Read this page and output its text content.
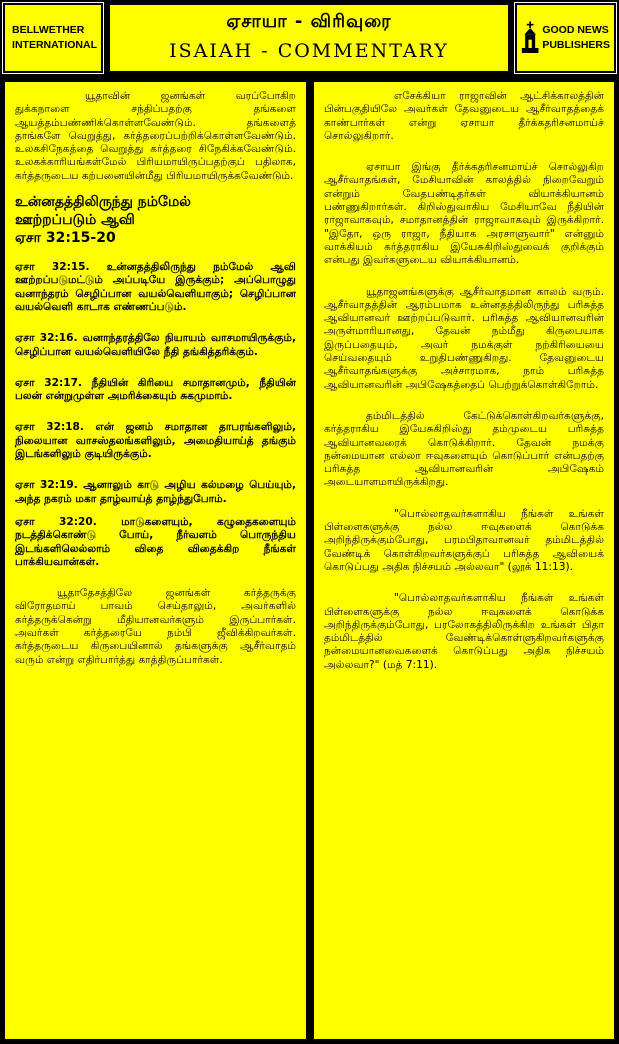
BELLWETHER
INTERNATIONAL
ஏசாயா - விரிவுரை
ISAIAH - COMMENTARY
GOOD NEWS
PUBLISHERS

யூதாவின் ஜனங்கள் வரப்போகிற துக்கநாளை சந்திப்பதற்கு தங்களை ஆயத்தம்பண்ணிக்கொள்ளவேண்டும். தங்களைத் தாங்களே வெறுத்து, கர்த்தரைப்பற்றிக்கொள்ளவேண்டும். உலகசிநேகத்தை வெறுத்து கர்த்தரை சிநேகிக்கவேண்டும். உலகக்காரியங்கள்மேல் பிரியமாயிருப்பதற்குப் பதிலாக, கர்த்தருடைய கற்பனையின்மீது பிரியமாயிருக்கவேண்டும்.

உன்னதத்திலிருந்து நம்மேல்
ஊற்றப்படும் ஆவி
ஏசா 32:15-20

ஏசா 32:15. உன்னதத்திலிருந்து நம்மேல் ஆவி ஊற்றப்படுமட்டும் அப்படியே இருக்கும்; அப்பொழுது வனாந்தரம் செழிப்பான வயல்வெளியாகும்; செழிப்பான வயல்வெளி காடாக எண்ணப்படும்.

ஏசா 32:16. வனாந்தரத்திலே நியாயம் வாசமாயிருக்கும், செழிப்பான வயல்வெளியிலே நீதி தங்கித்தரிக்கும்.

ஏசா 32:17. நீதியின் கிரியை சமாதானமும், நீதியின் பலன் என்றுமுள்ள அமரிக்கையும் சுகமுமாம்.

ஏசா 32:18. என் ஜனம் சமாதான தாபரங்களிலும், நிலையான வாசஸ்தலங்களிலும், அமைதியாய்த் தங்கும் இடங்களிலும் குடியிருக்கும்.

ஏசா 32:19. ஆனாலும் காடு அழிய கல்மழை பெய்யும், அந்த நகரம் மகா தாழ்வாய்த் தாழ்ந்துபோம்.

ஏசா 32:20. மாடுகளையும், கழுதைகளையும் நடத்திக்கொண்டு போய், நீர்வளம் பொருந்திய இடங்களிலெல்லாம் விதை விதைக்கிற நீங்கள் பாக்கியவான்கள்.

யூதாதேசத்திலே ஜனங்கள் கர்த்தருக்கு விரோதமாய் பாவம் செய்தாலும், அவர்களில் கர்த்தருக்கென்று மீதியானவர்களும் இருப்பார்கள். அவர்கள் கர்த்தரையே நம்பி ஜீவிக்கிறவர்கள். கர்த்தருடைய கிருபையினால் தங்களுக்கு ஆசீர்வாதம் வரும் என்று எதிர்பார்த்து காத்திருப்பார்கள்.

எசேக்கியா ராஜாவின் ஆட்சிக்காலத்தின் பின்பகுதியிலே அவர்கள் தேவனுடைய ஆசீர்வாதத்தைக் காண்பார்கள் என்று ஏசாயா தீர்க்கதரிசனமாய்ச் சொல்லுகிறார்.

ஏசாயா இங்கு தீர்க்கதரிசனமாய்ச் சொல்லுகிற ஆசீர்வாதங்கள், மேசியாவின் காலத்தில் நிறைவேறும் என்றும் வேதபண்டிதர்கள் வியாக்கியானம் பண்ணுகிறார்கள். கிறிஸ்துவாகிய மேசியாவே நீதியின் ராஜாவாகவும், சமாதானத்தின் ராஜாவாகவும் இருக்கிறார். "இதோ, ஒரு ராஜா, நீதியாக அரசாளுவார்" என்னும் வாக்கியம் கர்த்தராகிய இயேசுகிறிஸ்துவைக் குறிக்கும் என்பது இவர்களுடைய வியாக்கியானம்.

யூதாஜனங்களுக்கு ஆசீர்வாதமான காலம் வரும். ஆசீர்வாதத்தின் ஆரம்பமாக உன்னதத்திலிருந்து பரிசுத்த ஆவியானவர் ஊற்றப்படுவார். பரிசுத்த ஆவியானவரின் அருள்மாரியானது, தேவன் நம்மீது கிருபையாக இருப்பதையும், அவர் நமக்குள் நற்கிரியையை செய்வதையும் உறுதிபண்ணுகிறது. தேவனுடைய ஆசீர்வாதங்களுக்கு அச்சாரமாக, நாம் பரிசுத்த ஆவியானவரின் அபிஷேகத்தைப் பெற்றுக்கொள்கிறோம்.

தம்மிடத்தில் கேட்டுக்கொள்கிறவர்களுக்கு, கர்த்தராகிய இயேசுகிறிஸ்து தம்முடைய பரிசுத்த ஆவியானவரைக் கொடுக்கிறார். தேவன் நமக்கு நன்மையான எல்லா ஈவுகளையும் கொடுப்பார் என்பதற்கு பரிசுத்த ஆவியானவரின் அபிஷேகம் அடையாளமாயிருக்கிறது.

"பொல்லாதவர்களாகிய நீங்கள் உங்கள் பிள்ளைகளுக்கு நல்ல ஈவுகளைக் கொடுக்க அறிந்திருக்கும்போது, பரமபிதாவானவர் தம்மிடத்தில் வேண்டிக் கொள்கிறவர்களுக்குப் பரிசுத்த ஆவியைக் கொடுப்பது அதிக நிச்சயம் அல்லவா" (லூக் 11:13).

"பொல்லாதவர்களாகிய நீங்கள் உங்கள் பிள்ளைகளுக்கு நல்ல ஈவுகளைக் கொடுக்க அறிந்திருக்கும்போது, பரலோகத்திலிருக்கிற உங்கள் பிதா தம்மிடத்தில் வேண்டிக்கொள்ளுகிறவர்களுக்கு நன்மையானவைகளைக் கொடுப்பது அதிக நிச்சயம் அல்லவா?" (மத் 7:11).
